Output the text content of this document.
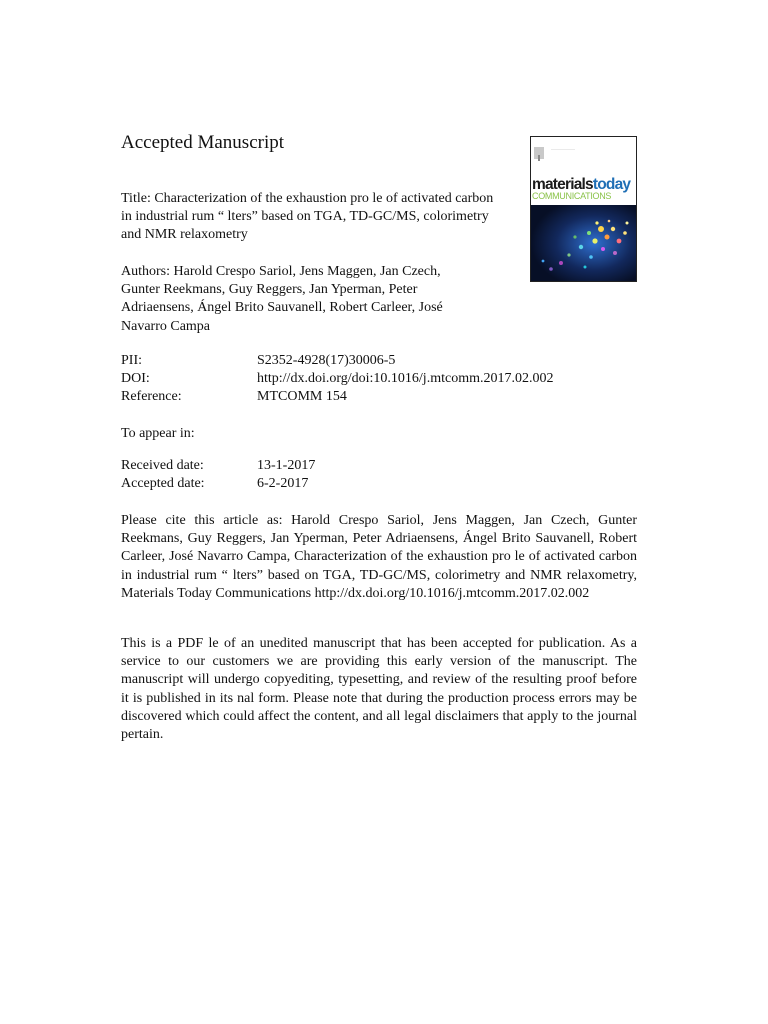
Accepted Manuscript	————————
materialstoday
COMMUNICATIONS
Title: Characterization of the exhaustion pro le of activated carbon in industrial rum “ lters” based on TGA, TD-GC/MS, colorimetry and NMR relaxometry
Authors: Harold Crespo Sariol, Jens Maggen, Jan Czech, Gunter Reekmans, Guy Reggers, Jan Yperman, Peter Adriaensens, Ángel Brito Sauvanell, Robert Carleer, José Navarro Campa
PII:	S2352-4928(17)30006-5
DOI:	http://dx.doi.org/doi:10.1016/j.mtcomm.2017.02.002
Reference:	MTCOMM 154
To appear in:
Received date:	13-1-2017
Accepted date:	6-2-2017
Please cite this article as: Harold Crespo Sariol, Jens Maggen, Jan Czech, Gunter Reekmans, Guy Reggers, Jan Yperman, Peter Adriaensens, Ángel Brito Sauvanell, Robert Carleer, José Navarro Campa, Characterization of the exhaustion pro le of activated carbon in industrial rum “ lters” based on TGA, TD-GC/MS, colorimetry and NMR relaxometry, Materials Today Communications http://dx.doi.org/10.1016/j.mtcomm.2017.02.002
This is a PDF le of an unedited manuscript that has been accepted for publication. As a service to our customers we are providing this early version of the manuscript. The manuscript will undergo copyediting, typesetting, and review of the resulting proof before it is published in its nal form. Please note that during the production process errors may be discovered which could affect the content, and all legal disclaimers that apply to the journal pertain.
